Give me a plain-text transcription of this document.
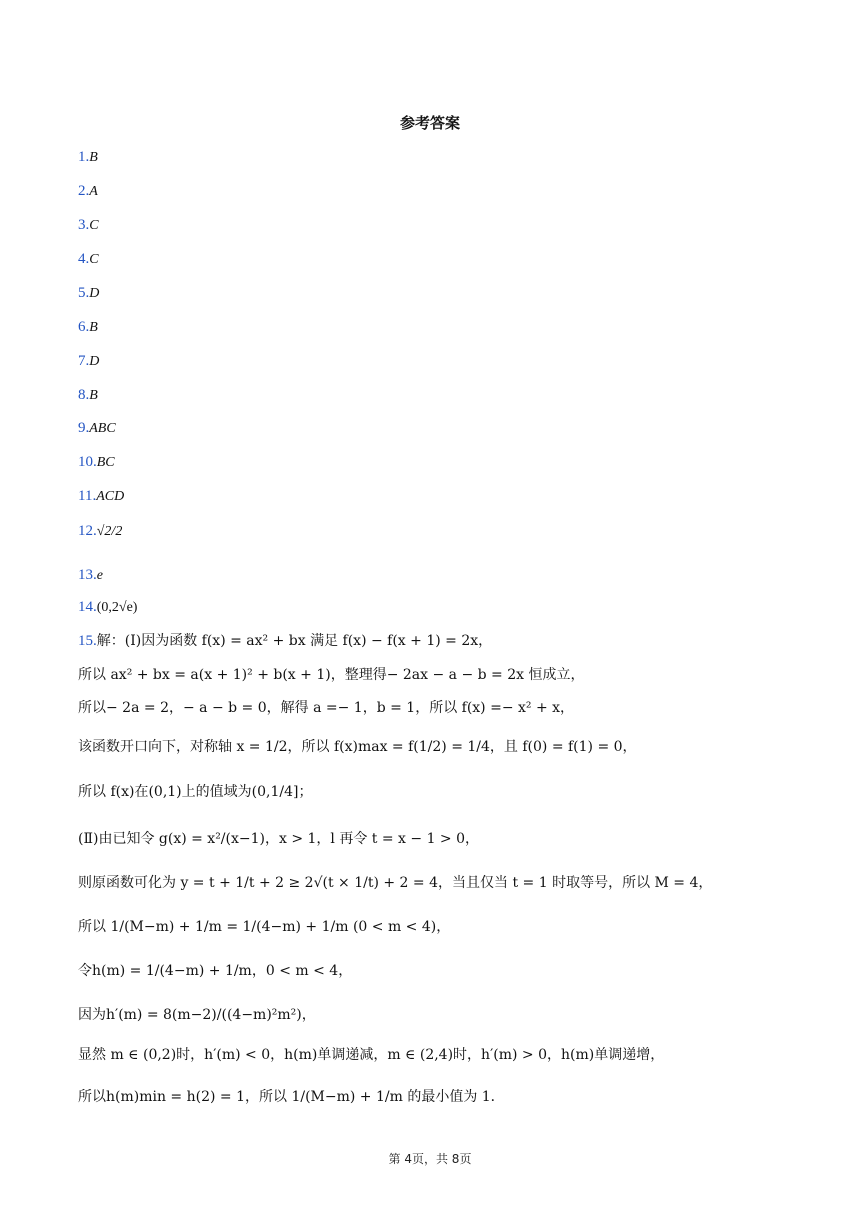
参考答案
1.B
2.A
3.C
4.C
5.D
6.B
7.D
8.B
9.ABC
10.BC
11.ACD
12.√2/2
13.e
14.(0,2√e)
15.解：(Ⅰ)因为函数 f(x) = ax² + bx 满足 f(x) − f(x + 1) = 2x，
所以 ax² + bx = a(x + 1)² + b(x + 1)，整理得− 2ax − a − b = 2x 恒成立，
所以− 2a = 2，− a − b = 0，解得 a =− 1，b = 1，所以 f(x) =− x² + x，
该函数开口向下，对称轴 x = 1/2，所以 f(x)max = f(1/2) = 1/4，且 f(0) = f(1) = 0，
所以 f(x)在(0,1)上的值域为(0,1/4]；
(Ⅱ)由已知令 g(x) = x²/(x−1)，x > 1，l 再令 t = x − 1 > 0，
则原函数可化为 y = t + 1/t + 2 ≥ 2√(t × 1/t) + 2 = 4，当且仅当 t = 1 时取等号，所以 M = 4，
所以 1/(M−m) + 1/m = 1/(4−m) + 1/m (0 < m < 4)，
令h(m) = 1/(4−m) + 1/m，0 < m < 4，
因为h′(m) = 8(m−2)/((4−m)²m²)，
显然 m ∈ (0,2)时，h′(m) < 0，h(m)单调递减，m ∈ (2,4)时，h′(m) > 0，h(m)单调递增，
所以h(m)min = h(2) = 1，所以 1/(M−m) + 1/m 的最小值为 1．
第 4页，共 8页
